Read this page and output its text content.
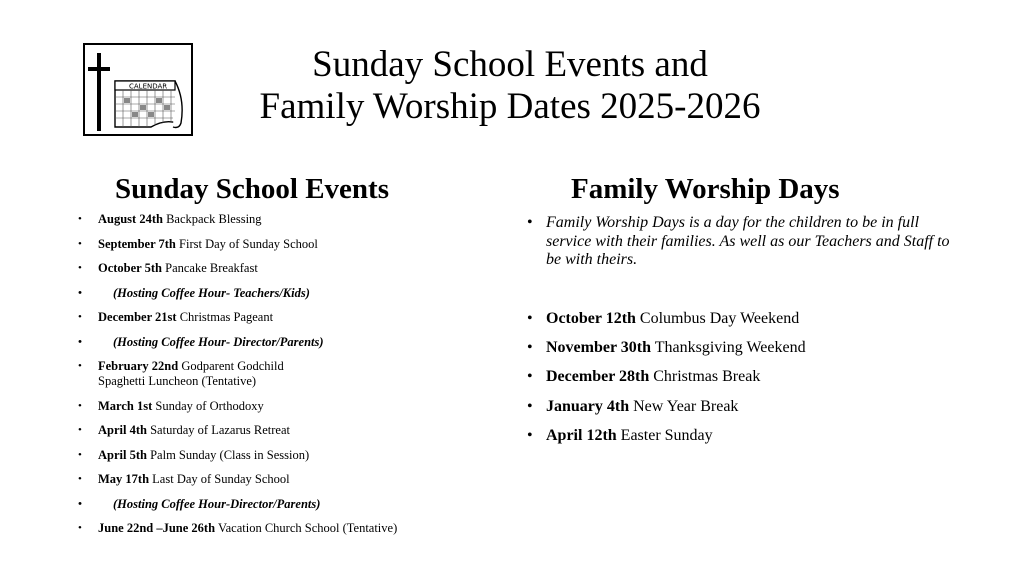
CALENDAR
Sunday School Events and
Family Worship Dates 2025-2026
Sunday School Events	Family Worship Days
• August 24th Backpack Blessing
• September 7th First Day of Sunday School
• October 5th Pancake Breakfast
• (Hosting Coffee Hour- Teachers/Kids)
• December 21st Christmas Pageant
• (Hosting Coffee Hour- Director/Parents)
• February 22nd Godparent Godchild
Spaghetti Luncheon (Tentative)
• March 1st Sunday of Orthodoxy
• April 4th Saturday of Lazarus Retreat
• April 5th Palm Sunday (Class in Session)
• May 17th Last Day of Sunday School
• (Hosting Coffee Hour-Director/Parents)
• June 22nd –June 26th Vacation Church School (Tentative)
• Family Worship Days is a day for the children to be in full service with their families. As well as our Teachers and Staff to be with theirs.
• October 12th Columbus Day Weekend
• November 30th Thanksgiving Weekend
• December 28th Christmas Break
• January 4th New Year Break
• April 12th Easter Sunday
